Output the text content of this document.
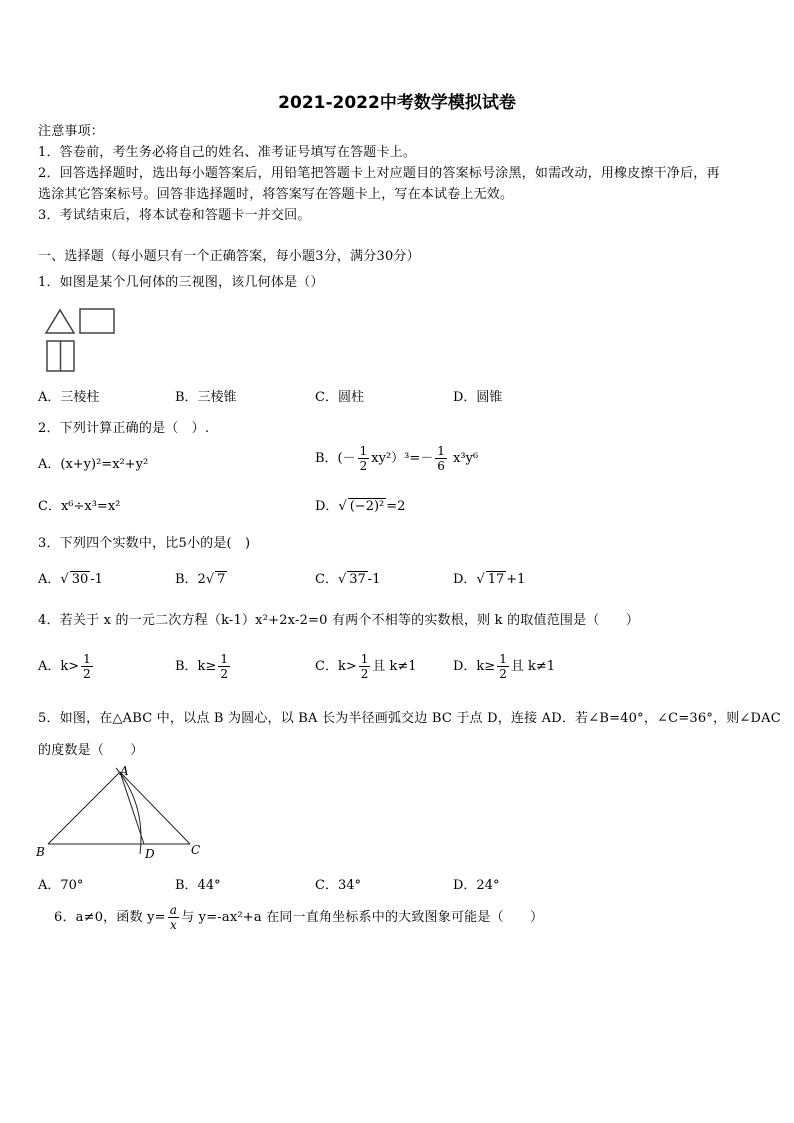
2021-2022中考数学模拟试卷
注意事项：
1．答卷前，考生务必将自己的姓名、准考证号填写在答题卡上。
2．回答选择题时，选出每小题答案后，用铅笔把答题卡上对应题目的答案标号涂黑，如需改动，用橡皮擦干净后，再
选涂其它答案标号。回答非选择题时，将答案写在答题卡上，写在本试卷上无效。
3．考试结束后，将本试卷和答题卡一并交回。
一、选择题（每小题只有一个正确答案，每小题3分，满分30分）
1．如图是某个几何体的三视图，该几何体是（）
A．三棱柱	B．三棱锥	C．圆柱	D．圆锥
2．下列计算正确的是（　）.
A．(x+y)²=x²+y²	B．(－ $\frac{1}{2} xy^2)^3=- \frac{1}{6} x^3y^6$
C．x⁶÷x³=x²	D．√ (−2)² =2
3．下列四个实数中，比5小的是(　)
A．√ 30 -1	B．2√ 7	C．√ 37 -1	D．√ 17 +1
4．若关于 x 的一元二次方程（k-1）x²+2x-2=0 有两个不相等的实数根，则 k 的取值范围是（　　）
A．$k> \frac{1}{2}$	B．$k\ge \frac{1}{2}$	C．$k> \frac{1}{2}$ 且 k≠1	D．$k\ge \frac{1}{2}$ 且 k≠1
5．如图，在△ABC 中，以点 B 为圆心，以 BA 长为半径画弧交边 BC 于点 D，连接 AD．若∠B=40°，∠C=36°，则∠DAC
的度数是（　　）
A
B	C
D
A．70°	B．44°	C．34°	D．24°
6．a≠0，函数 $y= \frac{a}{x}$ 与 y=-ax²+a 在同一直角坐标系中的大致图象可能是（　　）
